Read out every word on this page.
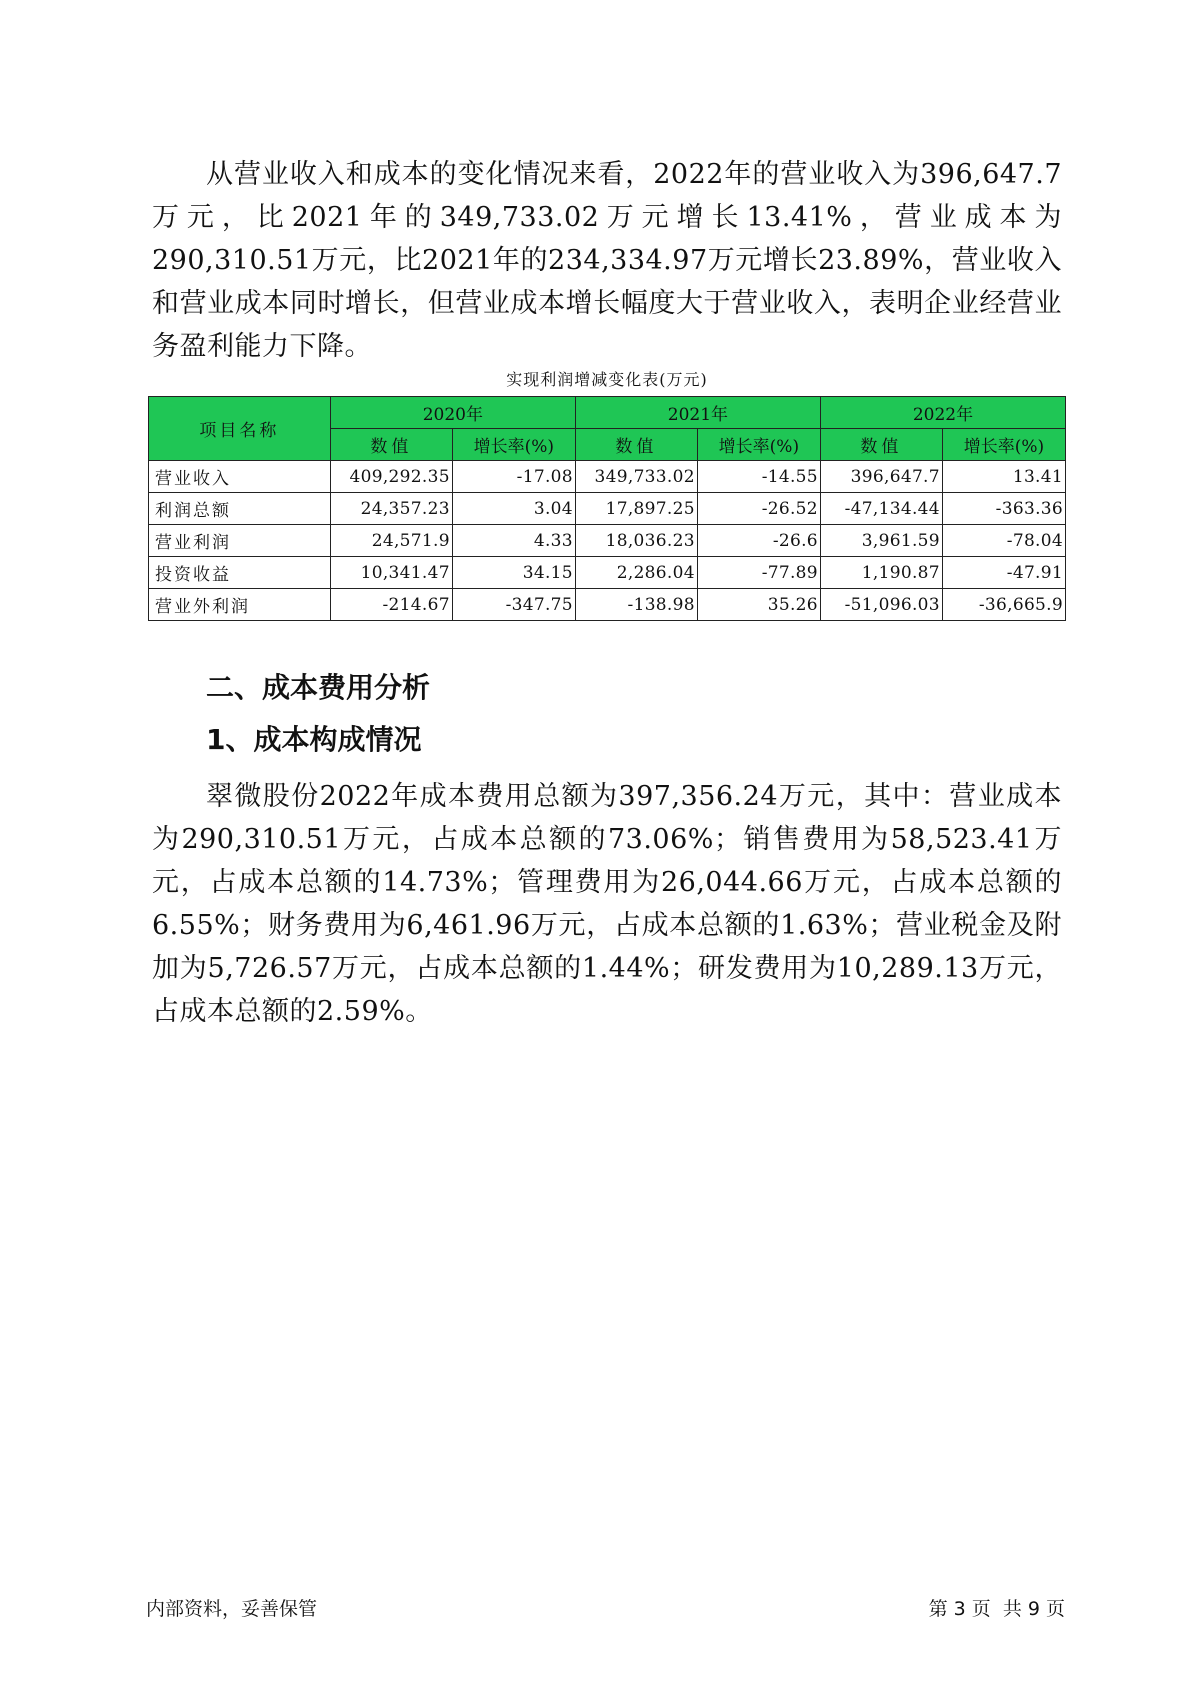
从营业收入和成本的变化情况来看，2022年的营业收入为396,647.7万元，比2021年的349,733.02万元增长13.41%，营业成本为290,310.51万元，比2021年的234,334.97万元增长23.89%，营业收入和营业成本同时增长，但营业成本增长幅度大于营业收入，表明企业经营业务盈利能力下降。

实现利润增减变化表(万元)
项目名称	2020年		2021年		2022年	
	数值	增长率(%)	数值	增长率(%)	数值	增长率(%)
营业收入	409,292.35	-17.08	349,733.02	-14.55	396,647.7	13.41
利润总额	24,357.23	3.04	17,897.25	-26.52	-47,134.44	-363.36
营业利润	24,571.9	4.33	18,036.23	-26.6	3,961.59	-78.04
投资收益	10,341.47	34.15	2,286.04	-77.89	1,190.87	-47.91
营业外利润	-214.67	-347.75	-138.98	35.26	-51,096.03	-36,665.9
二、成本费用分析
1、成本构成情况

翠微股份2022年成本费用总额为397,356.24万元，其中：营业成本为290,310.51万元，占成本总额的73.06%；销售费用为58,523.41万元，占成本总额的14.73%；管理费用为26,044.66万元，占成本总额的6.55%；财务费用为6,461.96万元，占成本总额的1.63%；营业税金及附加为5,726.57万元，占成本总额的1.44%；研发费用为10,289.13万元，占成本总额的2.59%。

内部资料，妥善保管	第 3 页  共 9 页
